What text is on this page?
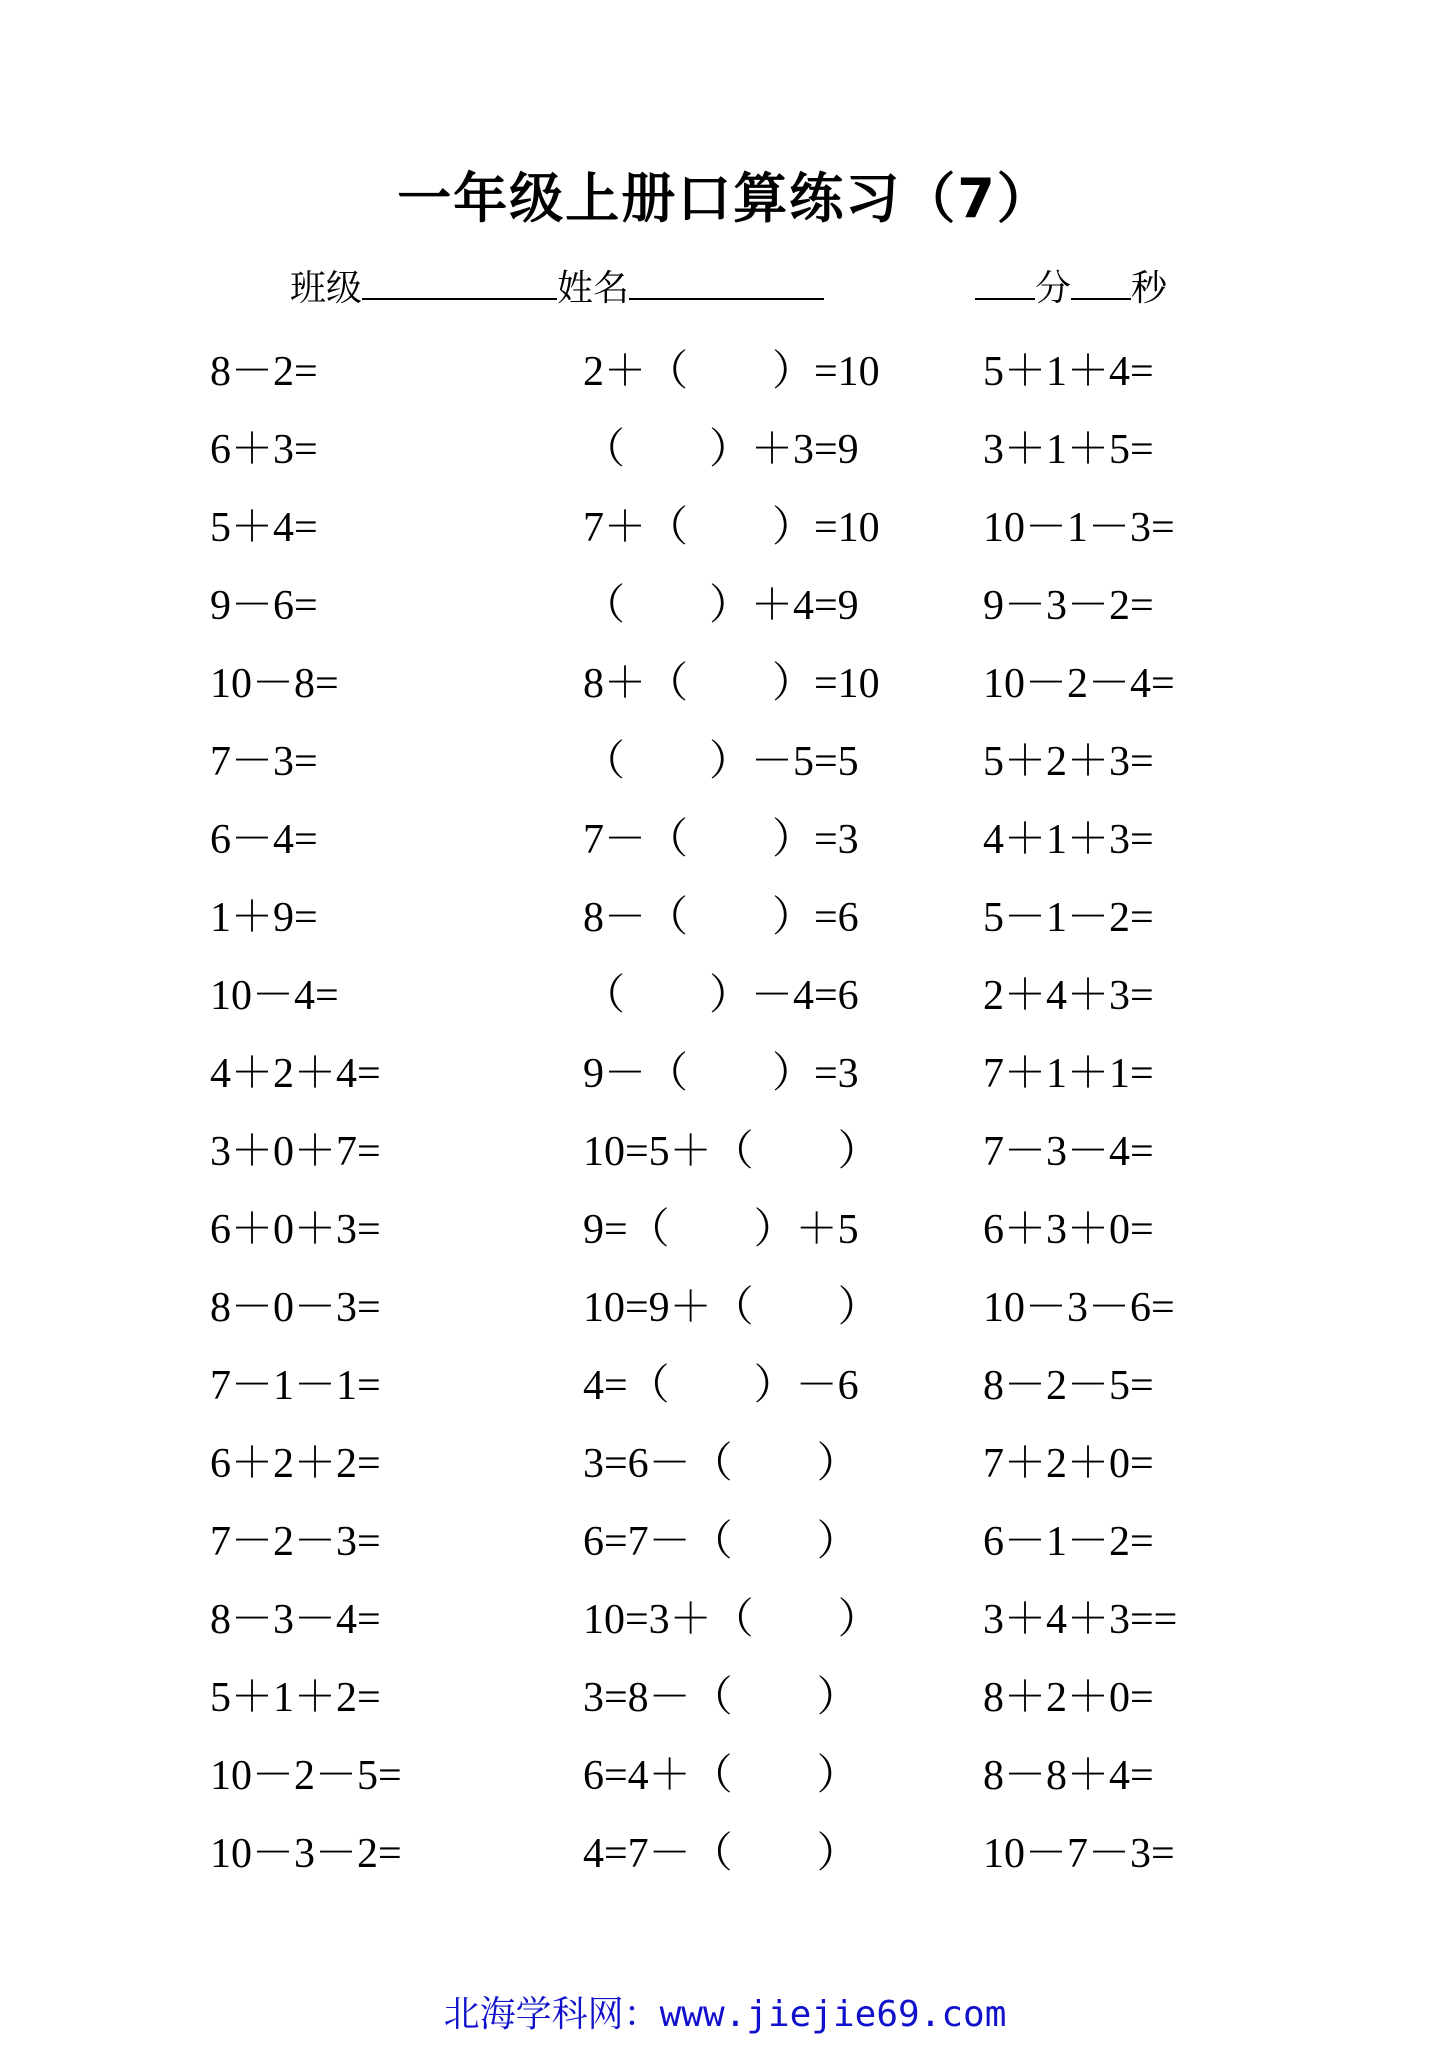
一年级上册口算练习（7）
班级	姓名	分 秒
8－2=	2＋（　　）=10 5＋1＋4=
6＋3=	（　　）＋3=9	3＋1＋5=
5＋4=	7＋（　　）=10 10－1－3=
9－6=	（　　）＋4=9	9－3－2=
10－8=	8＋（　　）=10 10－2－4=
7－3=	（　　）－5=5	5＋2＋3=
6－4=	7－（　　）=3	4＋1＋3=
1＋9=	8－（　　）=6	5－1－2=
10－4=	（　　）－4=6	2＋4＋3=
4＋2＋4=	9－（　　）=3	7＋1＋1=
3＋0＋7=	10=5＋（　　） 7－3－4=
6＋0＋3=	9=（　　）＋5	6＋3＋0=
8－0－3=	10=9＋（　　） 10－3－6=
7－1－1=	4=（　　）－6	8－2－5=
6＋2＋2=	3=6－（　　）	7＋2＋0=
7－2－3=	6=7－（　　）	6－1－2=
8－3－4=	10=3＋（　　） 3＋4＋3==
5＋1＋2=	3=8－（　　）	8＋2＋0=
10－2－5=	6=4＋（　　）	8－8＋4=
10－3－2=	4=7－（　　）	10－7－3=
北海学科网：www.jiejie69.com
